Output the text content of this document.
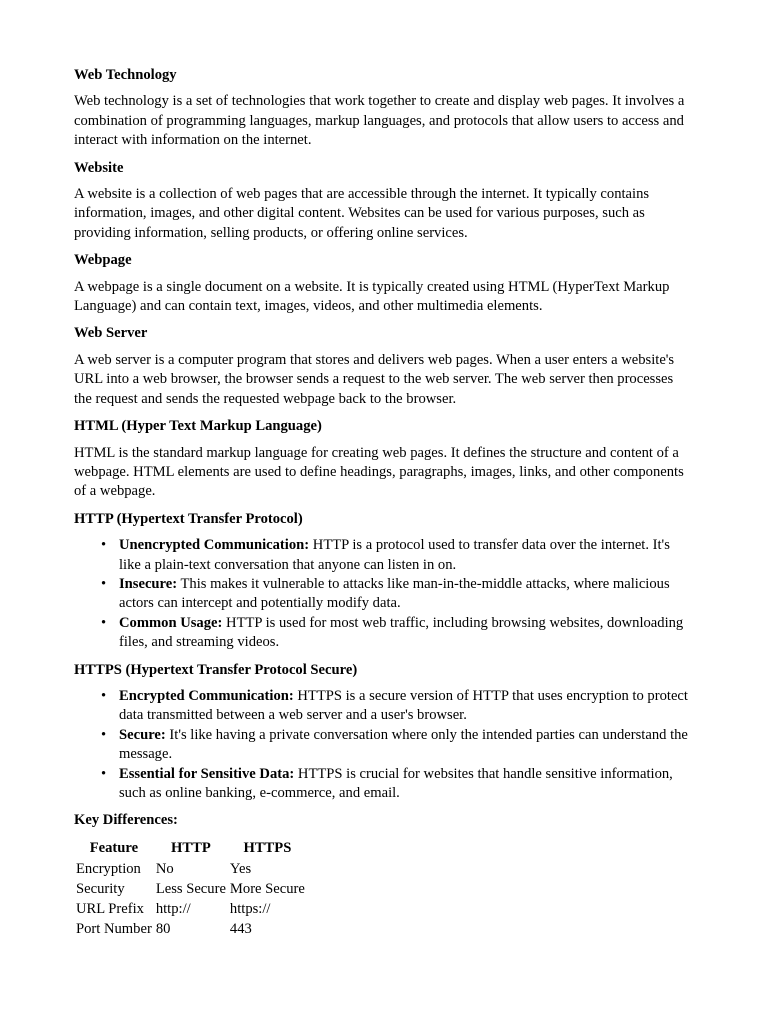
Web Technology

Web technology is a set of technologies that work together to create and display web pages. It involves a combination of programming languages, markup languages, and protocols that allow users to access and interact with information on the internet.

Website

A website is a collection of web pages that are accessible through the internet. It typically contains information, images, and other digital content. Websites can be used for various purposes, such as providing information, selling products, or offering online services.

Webpage

A webpage is a single document on a website. It is typically created using HTML (HyperText Markup Language) and can contain text, images, videos, and other multimedia elements.

Web Server

A web server is a computer program that stores and delivers web pages. When a user enters a website's URL into a web browser, the browser sends a request to the web server. The web server then processes the request and sends the requested webpage back to the browser.

HTML (Hyper Text Markup Language)

HTML is the standard markup language for creating web pages. It defines the structure and content of a webpage. HTML elements are used to define headings, paragraphs, images, links, and other components of a webpage.

HTTP (Hypertext Transfer Protocol)
• Unencrypted Communication: HTTP is a protocol used to transfer data over the internet. It's like a plain-text conversation that anyone can listen in on.
• Insecure: This makes it vulnerable to attacks like man-in-the-middle attacks, where malicious actors can intercept and potentially modify data.
• Common Usage: HTTP is used for most web traffic, including browsing websites, downloading files, and streaming videos.
HTTPS (Hypertext Transfer Protocol Secure)
• Encrypted Communication: HTTPS is a secure version of HTTP that uses encryption to protect data transmitted between a web server and a user's browser.
• Secure: It's like having a private conversation where only the intended parties can understand the message.
• Essential for Sensitive Data: HTTPS is crucial for websites that handle sensitive information, such as online banking, e-commerce, and email.
Key Differences:
Feature	HTTP	HTTPS
Encryption	No	Yes
Security	Less Secure	More Secure
URL Prefix	http://	https://
Port Number	80	443
